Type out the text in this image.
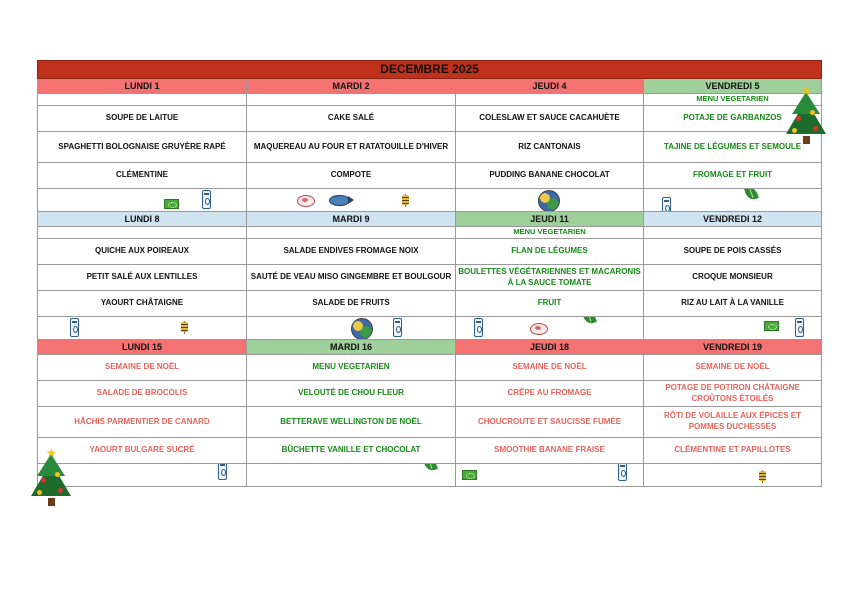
DECEMBRE 2025			
LUNDI 1	MARDI 2	JEUDI 4	VENDREDI 5
			MENU VEGETARIEN
SOUPE DE LAITUE	CAKE SALÉ	COLESLAW ET SAUCE CACAHUÈTE	POTAJE DE GARBANZOS
SPAGHETTI BOLOGNAISE GRUYÈRE RAPÉ	MAQUEREAU AU FOUR ET RATATOUILLE D'HIVER	RIZ CANTONAIS	TAJINE DE LÉGUMES ET SEMOULE
CLÉMENTINE	COMPOTE	PUDDING BANANE CHOCOLAT	FROMAGE ET FRUIT

LUNDI 8	MARDI 9	JEUDI 11	VENDREDI 12
		MENU VEGETARIEN	
QUICHE AUX POIREAUX	SALADE ENDIVES FROMAGE NOIX	FLAN DE LÉGUMES	SOUPE DE POIS CASSÉS
PETIT SALÉ AUX LENTILLES	SAUTÉ DE VEAU MISO GINGEMBRE ET BOULGOUR	BOULETTES VÉGÉTARIENNES ET MACARONIS À LA SAUCE TOMATE	CROQUE MONSIEUR
YAOURT CHÂTAIGNE	SALADE DE FRUITS	FRUIT	RIZ AU LAIT À LA VANILLE

LUNDI 15	MARDI 16	JEUDI 18	VENDREDI 19
SEMAINE DE NOËL	MENU VEGETARIEN	SEMAINE DE NOËL	SEMAINE DE NOËL
SALADE DE BROCOLIS	VELOUTÉ DE CHOU FLEUR	CRÊPE AU FROMAGE	POTAGE DE POTIRON CHÂTAIGNE CROÛTONS ÉTOILÉS
HÂCHIS PARMENTIER DE CANARD	BETTERAVE WELLINGTON DE NOËL	CHOUCROUTE ET SAUCISSE FUMÉE	RÔTI DE VOLAILLE AUX ÉPICES ET POMMES DUCHESSES
YAOURT BULGARE SUCRÉ	BÛCHETTE VANILLE ET CHOCOLAT	SMOOTHIE BANANE FRAISE	CLÉMENTINE ET PAPILLOTES

★
★
